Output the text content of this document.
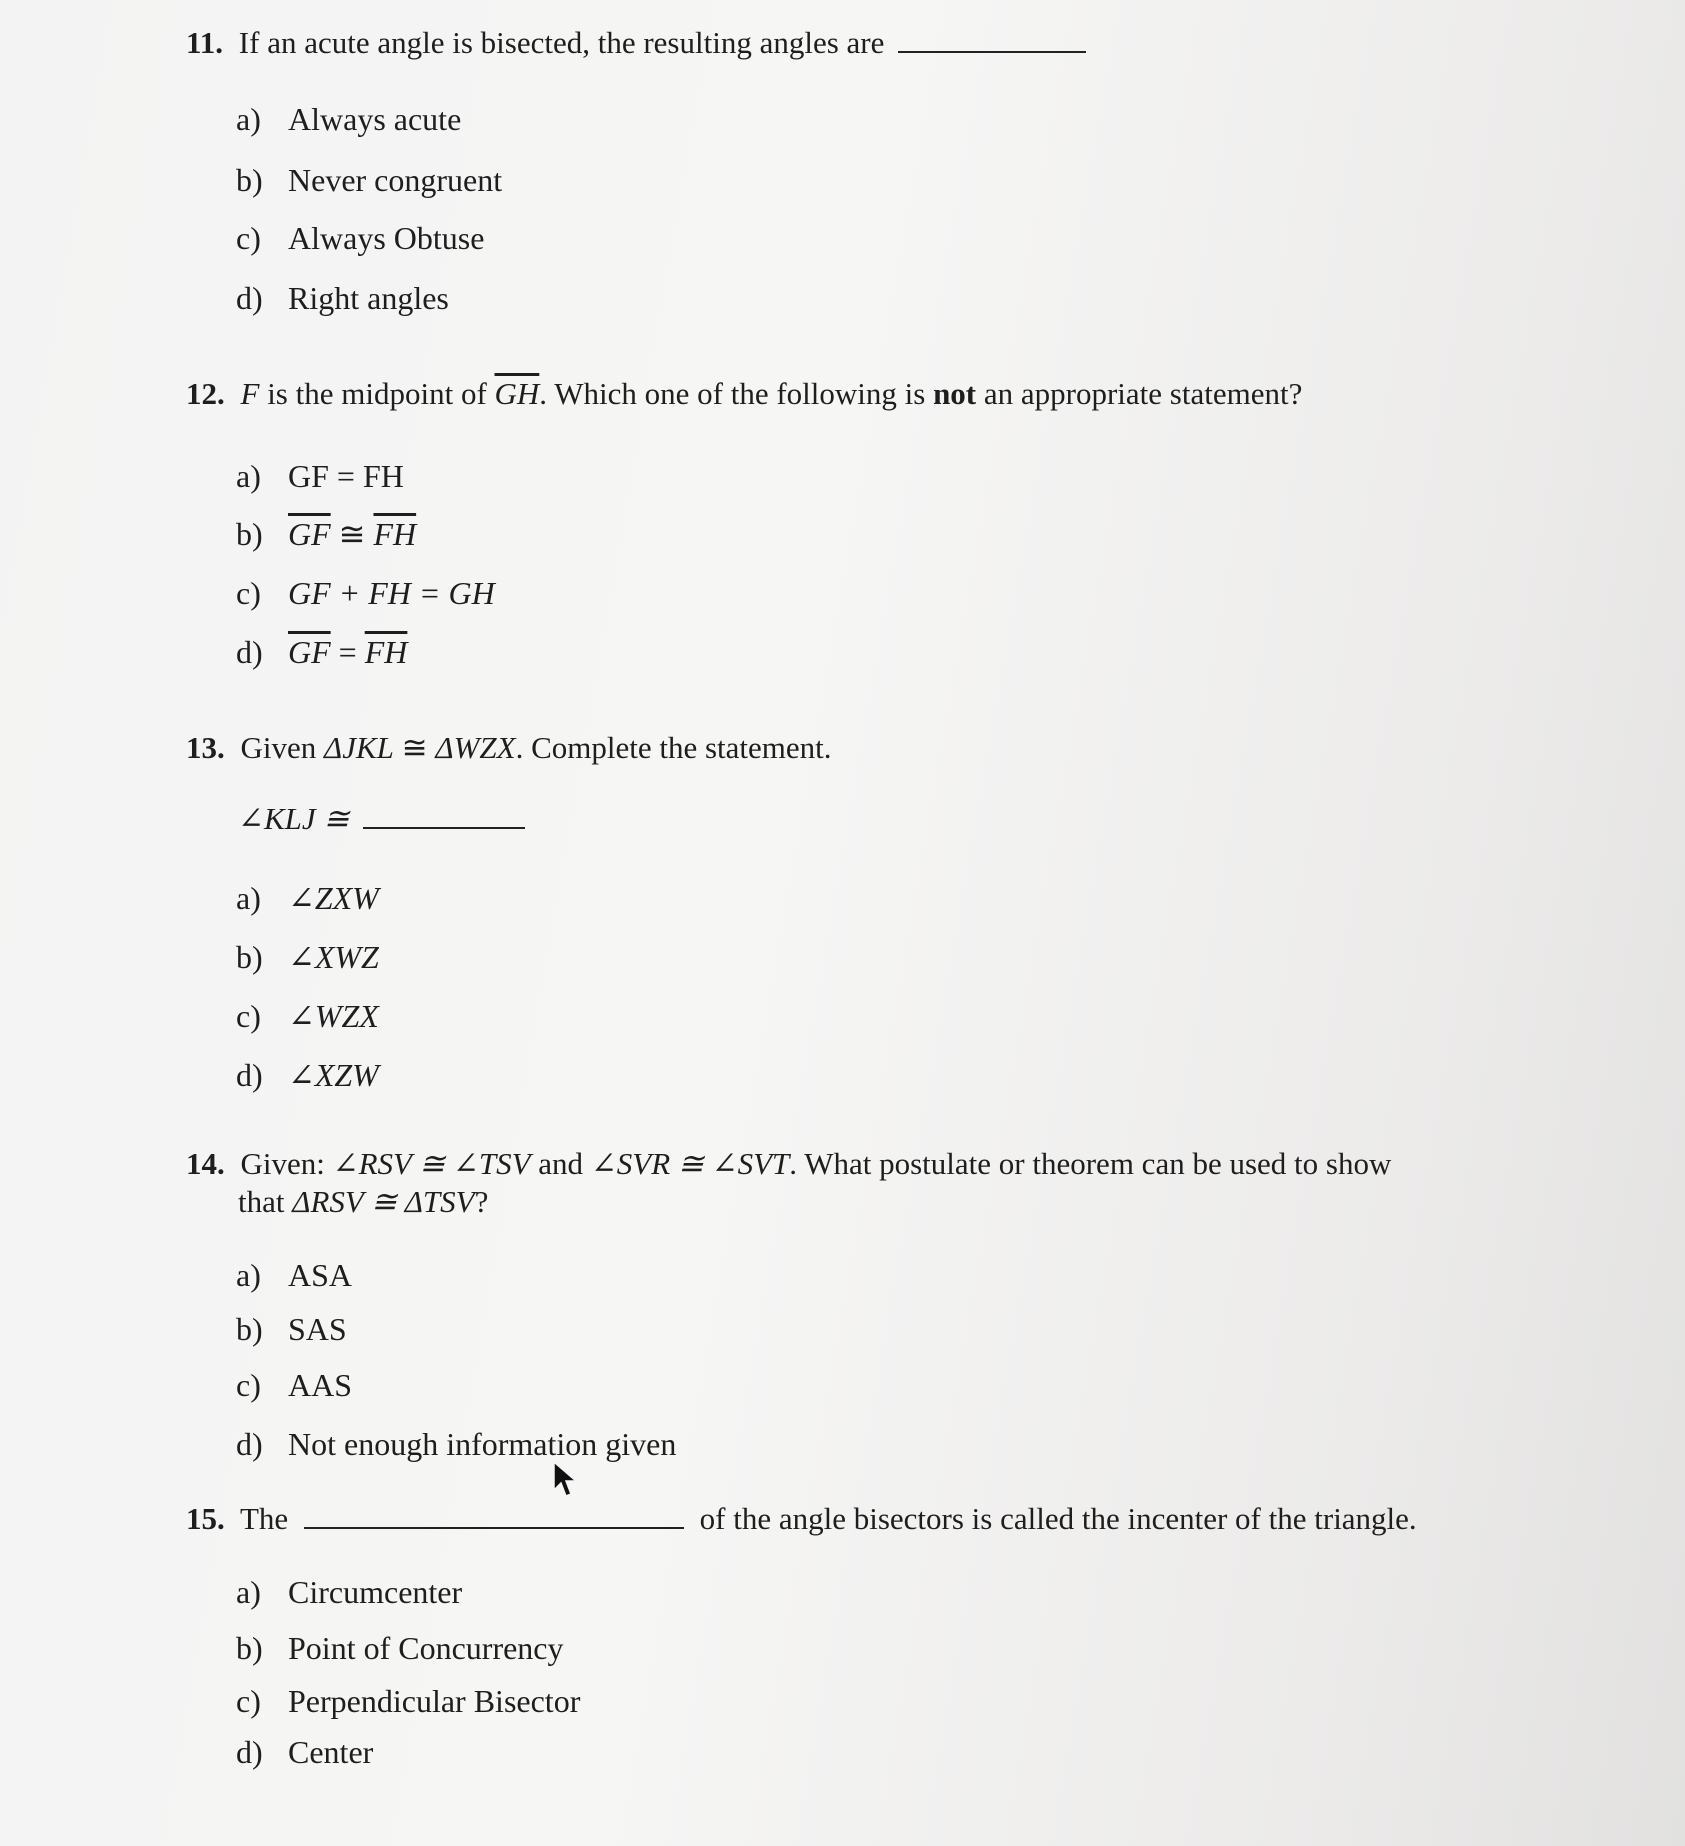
11. If an acute angle is bisected, the resulting angles are
a) Always acute
b) Never congruent
c) Always Obtuse
d) Right angles
12. F is the midpoint of $\overline{GH}$. Which one of the following is not an appropriate statement?
a) GF = FH
b) $\overline{GF}$ ≅ $\overline{FH}$
c) GF + FH = GH
d) $\overline{GF} = \overline{FH}$
13. Given ΔJKL ≅ ΔWZX. Complete the statement.
∠KLJ ≅
a) ∠ZXW
b) ∠XWZ
c) ∠WZX
d) ∠XZW
14. Given: ∠RSV ≅ ∠TSV and ∠SVR ≅ ∠SVT. What postulate or theorem can be used to show
that ΔRSV ≅ ΔTSV?
a) ASA
b) SAS
c) AAS
d) Not enough information given
15. The	of the angle bisectors is called the incenter of the triangle.
a) Circumcenter
b) Point of Concurrency
c) Perpendicular Bisector
d) Center
